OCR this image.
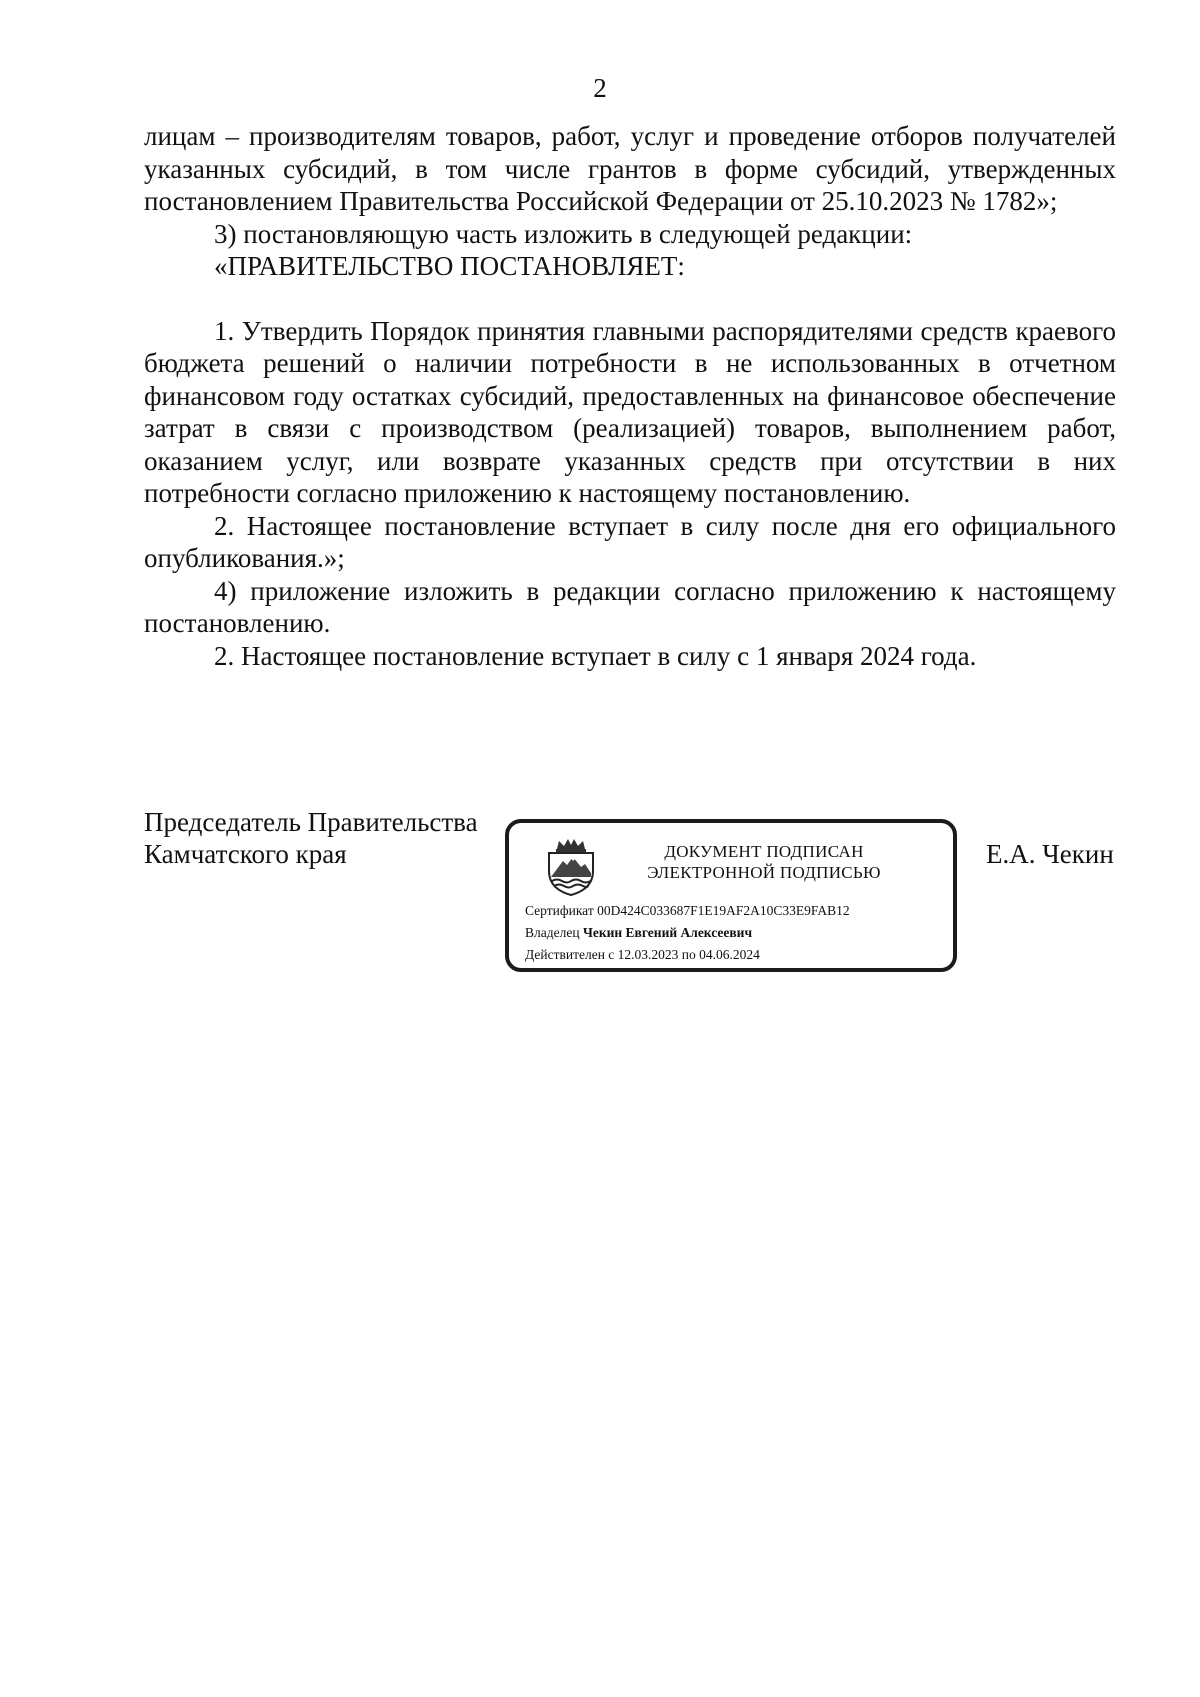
2

лицам – производителям товаров, работ, услуг и проведение отборов получателей указанных субсидий, в том числе грантов в форме субсидий, утвержденных постановлением Правительства Российской Федерации от 25.10.2023 № 1782»;

3) постановляющую часть изложить в следующей редакции:

«ПРАВИТЕЛЬСТВО ПОСТАНОВЛЯЕТ:

1. Утвердить Порядок принятия главными распорядителями средств краевого бюджета решений о наличии потребности в не использованных в отчетном финансовом году остатках субсидий, предоставленных на финансовое обеспечение затрат в связи с производством (реализацией) товаров, выполнением работ, оказанием услуг, или возврате указанных средств при отсутствии в них потребности согласно приложению к настоящему постановлению.

2. Настоящее постановление вступает в силу после дня его официального опубликования.»;

4) приложение изложить в редакции согласно приложению к настоящему постановлению.

2. Настоящее постановление вступает в силу с 1 января 2024 года.

Председатель Правительства
Камчатского края	ДОКУМЕНТ ПОДПИСАН
ЭЛЕКТРОННОЙ ПОДПИСЬЮ
Сертификат 00D424C033687F1E19AF2A10C33E9FAB12
Владелец Чекин Евгений Алексеевич
Действителен с 12.03.2023 по 04.06.2024
Е.А. Чекин
